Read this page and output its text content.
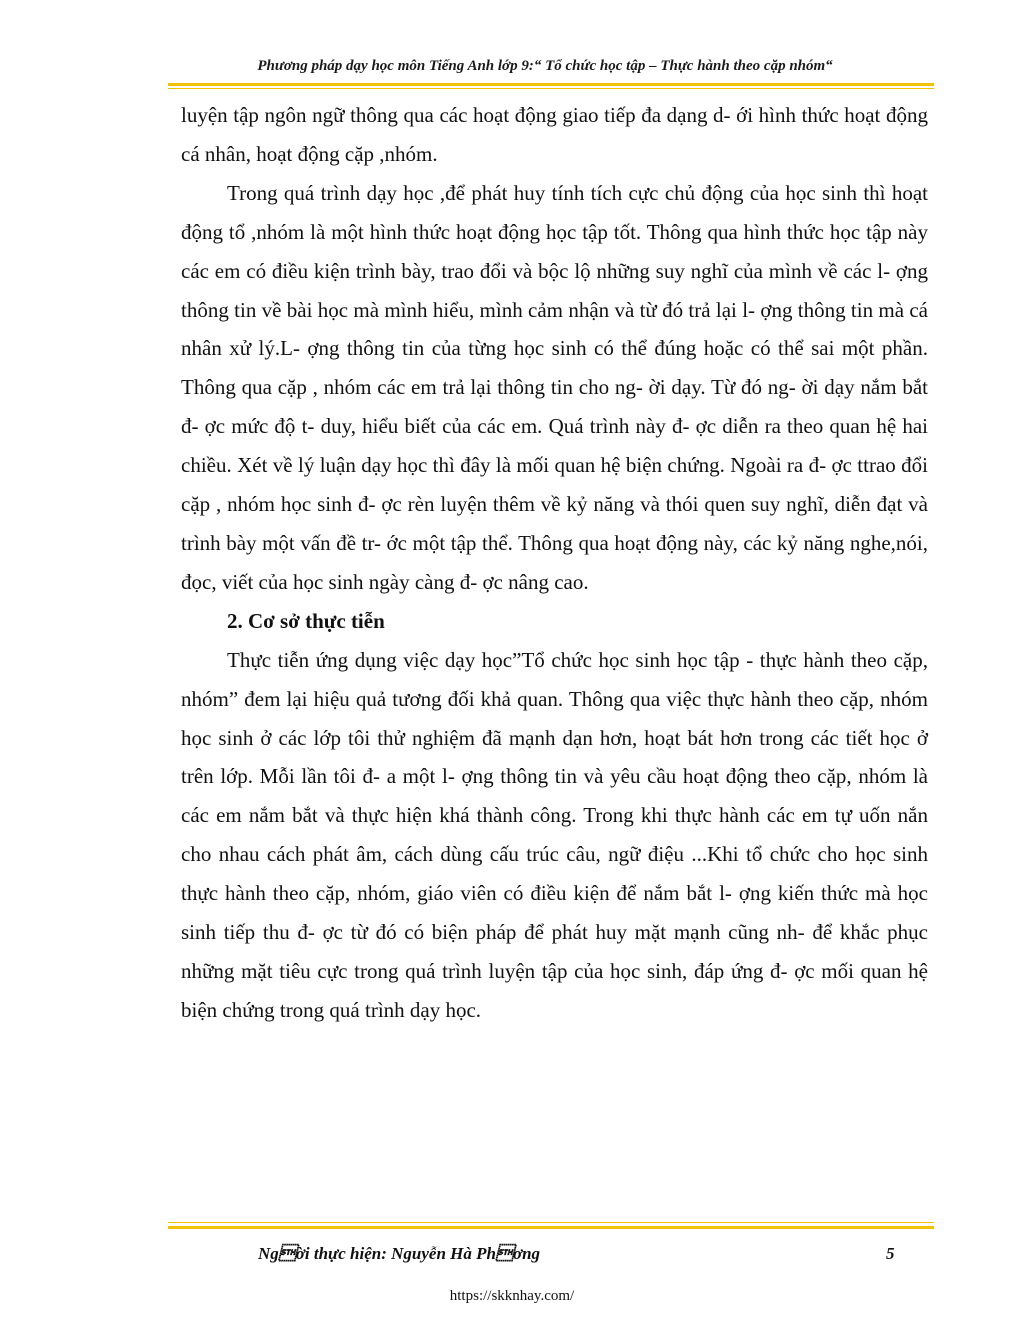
Phương pháp dạy học môn Tiếng Anh lớp 9:“ Tổ chức học tập – Thực hành theo cặp nhóm“

luyện tập ngôn ngữ thông qua các hoạt động giao tiếp đa dạng d- ới hình thức hoạt động cá nhân, hoạt động cặp ,nhóm.

Trong quá trình dạy học ,để phát huy tính tích cực chủ động của học sinh thì hoạt động tổ ,nhóm là một hình thức hoạt động học tập tốt. Thông qua hình thức học tập này các em có điều kiện trình bày, trao đổi và bộc lộ những suy nghĩ của mình về các l- ợng thông tin về bài học mà mình hiểu, mình cảm nhận và từ đó trả lại l- ợng thông tin mà cá nhân xử lý.L- ợng thông tin của từng học sinh có thể đúng hoặc có thể sai một phần. Thông qua cặp , nhóm các em trả lại thông tin cho ng- ời dạy. Từ đó ng- ời dạy nắm bắt đ- ợc mức độ t- duy, hiểu biết của các em. Quá trình này đ- ợc diễn ra theo quan hệ hai chiều. Xét về lý luận dạy học thì đây là mối quan hệ biện chứng. Ngoài ra đ- ợc ttrao đổi cặp , nhóm học sinh đ- ợc rèn luyện thêm về kỷ năng và thói quen suy nghĩ, diễn đạt và trình bày một vấn đề tr- ớc một tập thể. Thông qua hoạt động này, các kỷ năng nghe,nói, đọc, viết của học sinh ngày càng đ- ợc nâng cao.

2. Cơ sở thực tiễn

Thực tiễn ứng dụng việc dạy học”Tổ chức học sinh học tập - thực hành theo cặp, nhóm” đem lại hiệu quả tương đối khả quan. Thông qua việc thực hành theo cặp, nhóm học sinh ở các lớp tôi thử nghiệm đã mạnh dạn hơn, hoạt bát hơn trong các tiết học ở trên lớp. Mỗi lần tôi đ- a một l- ợng thông tin và yêu cầu hoạt động theo cặp, nhóm là các em nắm bắt và thực hiện khá thành công. Trong khi thực hành các em tự uốn nắn cho nhau cách phát âm, cách dùng cấu trúc câu, ngữ điệu ...Khi tổ chức cho học sinh thực hành theo cặp, nhóm, giáo viên có điều kiện để nắm bắt l- ợng kiến thức mà học sinh tiếp thu đ- ợc từ đó có biện pháp để phát huy mặt mạnh cũng nh- để khắc phục những mặt tiêu cực trong quá trình luyện tập của học sinh, đáp ứng đ- ợc mối quan hệ biện chứng trong quá trình dạy học.

Ngời thực hiện: Nguyễn Hà Phơng	5
https://skknhay.com/
